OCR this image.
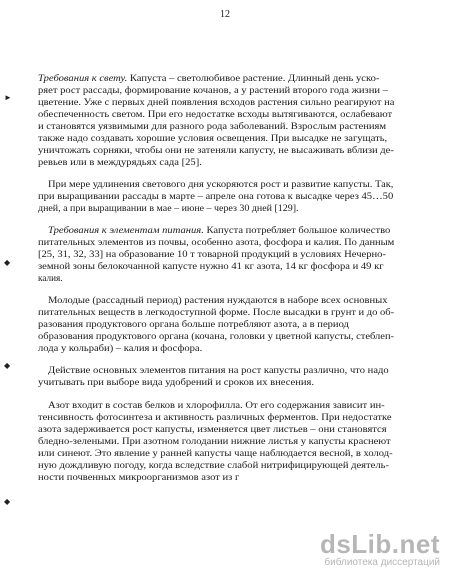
12
Требования к свету. Капуста – светолюбивое растение. Длинный день уско-
ряет рост рассады, формирование кочанов, а у растений второго года жизни –
цветение. Уже с первых дней появления всходов растения сильно реагируют на
обеспеченность светом. При его недостатке всходы вытягиваются, ослабевают
и становятся уязвимыми для разного рода заболеваний. Взрослым растениям
также надо создавать хорошие условия освещения. При высадке не загущать,
уничтожать сорняки, чтобы они не затеняли капусту, не высаживать вблизи де-
ревьев или в междурядьях сада [25].
При мере удлинения светового дня ускоряются рост и развитие капусты. Так,
при выращивании рассады в марте – апреле она готова к высадке через 45…50
дней, а при выращивании в мае – июне – через 30 дней [129].
Требования к элементам питания. Капуста потребляет большое количество
питательных элементов из почвы, особенно азота, фосфора и калия. По данным
[25, 31, 32, 33] на образование 10 т товарной продукций в условиях Нечерно-
земной зоны белокочанной капусте нужно 41 кг азота, 14 кг фосфора и 49 кг
калия.
Молодые (рассадный период) растения нуждаются в наборе всех основных
питательных веществ в легкодоступной форме. После высадки в грунт и до об-
разования продуктового органа больше потребляют азота, а в период
образования продуктового органа (кочана, головки у цветной капусты, стеблеп-
лода у кольраби) – калия и фосфора.
Действие основных элементов питания на рост капусты различно, что надо
учитывать при выборе вида удобрений и сроков их внесения.
Азот входит в состав белков и хлорофилла. От его содержания зависит ин-
тенсивность фотосинтеза и активность различных ферментов. При недостатке
азота задерживается рост капусты, изменяется цвет листьев – они становятся
бледно-зелеными. При азотном голодании нижние листья у капусты краснеют
или синеют. Это явление у ранней капусты чаще наблюдается весной, в холод-
ную дождливую погоду, когда вследствие слабой нитрифицирующей деятель-
ности почвенных микроорганизмов азот из г
►
◆
◆
◆
dsLib.net
библиотека диссертаций
